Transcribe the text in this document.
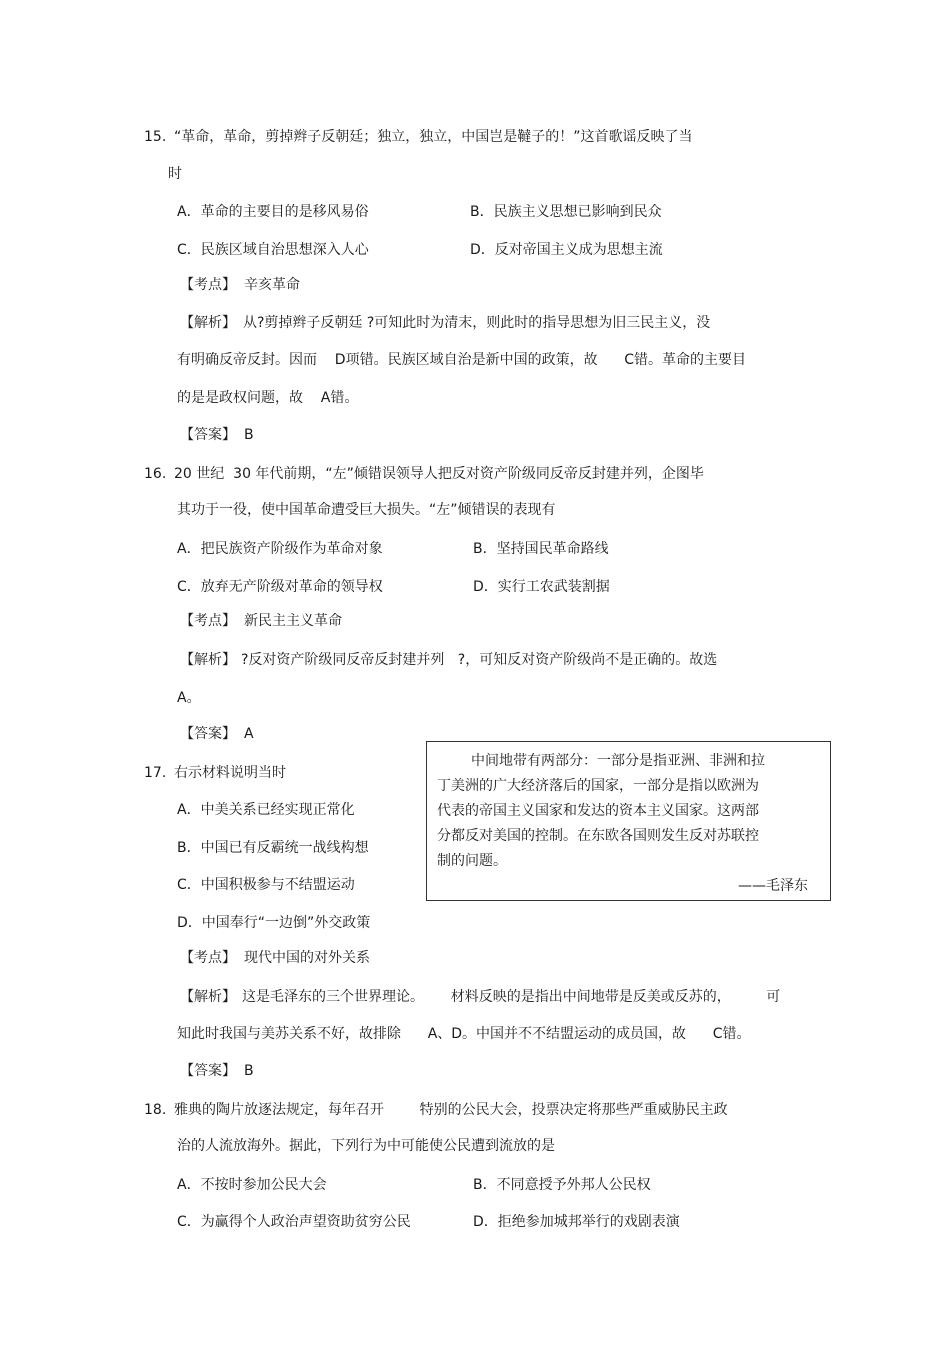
15. “革命，革命，剪掉辫子反朝廷；独立，独立，中国岂是韃子的！”这首歌谣反映了当
时
A．革命的主要目的是移风易俗	B．民族主义思想已影响到民众
C．民族区域自治思想深入人心	D．反对帝国主义成为思想主流
【考点】 辛亥革命
【解析】 从?剪掉辫子反朝廷 ?可知此时为清末，则此时的指导思想为旧三民主义，没
有明确反帝反封。因而    D项错。民族区域自治是新中国的政策，故      C错。革命的主要目
的是是政权问题，故    A错。
【答案】 B
16. 20 世纪  30 年代前期，“左”倾错误领导人把反对资产阶级同反帝反封建并列，企图毕
其功于一役，使中国革命遭受巨大损失。“左”倾错误的表现有
A．把民族资产阶级作为革命对象	B．坚持国民革命路线
C．放弃无产阶级对革命的领导权	D．实行工农武装割据
【考点】 新民主主义革命
【解析】 ?反对资产阶级同反帝反封建并列   ?，可知反对资产阶级尚不是正确的。故选
A。
【答案】 A
17. 右示材料说明当时
A．中美关系已经实现正常化
B．中国已有反霸统一战线构想
C．中国积极参与不结盟运动
D．中国奉行“一边倒”外交政策
中间地带有两部分：一部分是指亚洲、非洲和拉
丁美洲的广大经济落后的国家，一部分是指以欧洲为
代表的帝国主义国家和发达的资本主义国家。这两部
分都反对美国的控制。在东欧各国则发生反对苏联控
制的问题。
——毛泽东
【考点】 现代中国的对外关系
【解析】 这是毛泽东的三个世界理论。      材料反映的是指出中间地带是反美或反苏的，        可
知此时我国与美苏关系不好，故排除      A、D。中国并不不结盟运动的成员国，故      C错。
【答案】 B
18. 雅典的陶片放逐法规定，每年召开        特别的公民大会，投票决定将那些严重威胁民主政
治的人流放海外。据此，下列行为中可能使公民遭到流放的是
A．不按时参加公民大会	B．不同意授予外邦人公民权
C．为赢得个人政治声望资助贫穷公民	D．拒绝参加城邦举行的戏剧表演
